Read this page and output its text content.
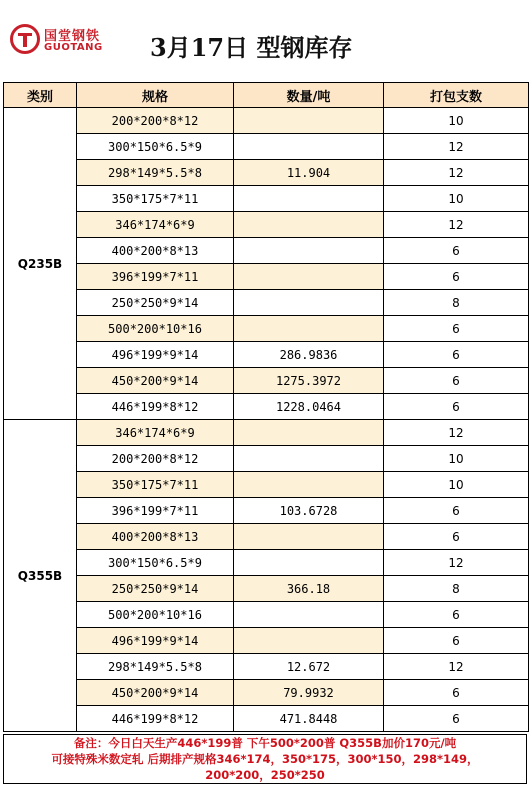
国堂钢铁
GUOTANG 3月17日 型钢库存
类别	规格	数量/吨	打包支数
Q235B	200*200*8*12		10
	300*150*6.5*9		12
	298*149*5.5*8	11.904	12
	350*175*7*11		10
	346*174*6*9		12
	400*200*8*13		6
	396*199*7*11		6
	250*250*9*14		8
	500*200*10*16		6
	496*199*9*14	286.9836	6
	450*200*9*14	1275.3972	6
	446*199*8*12	1228.0464	6
Q355B	346*174*6*9		12
	200*200*8*12		10
	350*175*7*11		10
	396*199*7*11	103.6728	6
	400*200*8*13		6
	300*150*6.5*9		12
	250*250*9*14	366.18	8
	500*200*10*16		6
	496*199*9*14		6
	298*149*5.5*8	12.672	12
	450*200*9*14	79.9932	6
	446*199*8*12	471.8448	6
备注：今日白天生产446*199普 下午500*200普 Q355B加价170元/吨
可接特殊米数定轧 后期排产规格346*174，350*175，300*150，298*149，
200*200，250*250
